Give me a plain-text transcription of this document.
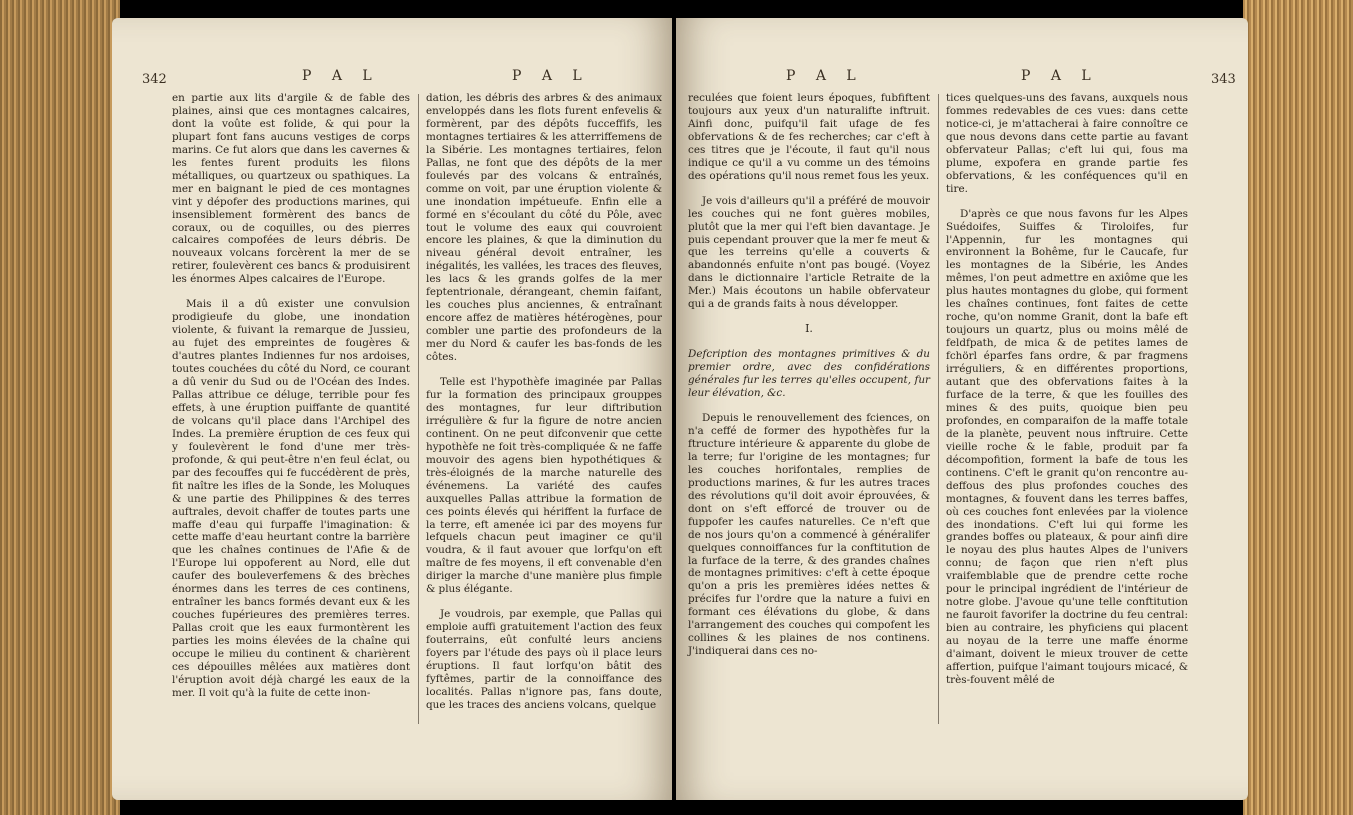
342	P A L	P A L

en partie aux lits d'argile & de fable des plaines, ainsi que ces montagnes calcaires, dont la voûte est folide, & qui pour la plupart font fans aucuns vestiges de corps marins. Ce fut alors que dans les cavernes & les fentes furent produits les filons métalliques, ou quartzeux ou spathiques. La mer en baignant le pied de ces montagnes vint y dépofer des productions marines, qui insensiblement formèrent des bancs de coraux, ou de coquilles, ou des pierres calcaires compofées de leurs débris. De nouveaux volcans forcèrent la mer de se retirer, foulevèrent ces bancs & produisirent les énormes Alpes calcaires de l'Europe.

Mais il a dû exister une convulsion prodigieufe du globe, une inondation violente, & fuivant la remarque de Jussieu, au fujet des empreintes de fougères & d'autres plantes Indiennes fur nos ardoises, toutes couchées du côté du Nord, ce courant a dû venir du Sud ou de l'Océan des Indes. Pallas attribue ce déluge, terrible pour fes effets, à une éruption puiffante de quantité de volcans qu'il place dans l'Archipel des Indes. La première éruption de ces feux qui y foulevèrent le fond d'une mer très-profonde, & qui peut-être n'en feul éclat, ou par des fecouffes qui fe fuccédèrent de près, fit naître les ifles de la Sonde, les Moluques & une partie des Philippines & des terres auftrales, devoit chaffer de toutes parts une maffe d'eau qui furpaffe l'imagination: & cette maffe d'eau heurtant contre la barrière que les chaînes continues de l'Afie & de l'Europe lui oppoferent au Nord, elle dut caufer des bouleverfemens & des brèches énormes dans les terres de ces continens, entraîner les bancs formés devant eux & les couches fupérieures des premières terres. Pallas croit que les eaux furmontèrent les parties les moins élevées de la chaîne qui occupe le milieu du continent & charièrent ces dépouilles mêlées aux matières dont l'éruption avoit déjà chargé les eaux de la mer. Il voit qu'à la fuite de cette inon-

dation, les débris des arbres & des animaux enveloppés dans les flots furent enfevelis & formèrent, par des dépôts fucceffifs, les montagnes tertiaires & les atterriffemens de la Sibérie. Les montagnes tertiaires, felon Pallas, ne font que des dépôts de la mer foulevés par des volcans & entraînés, comme on voit, par une éruption violente & une inondation impétueufe. Enfin elle a formé en s'écoulant du côté du Pôle, avec tout le volume des eaux qui couvroient encore les plaines, & que la diminution du niveau général devoit entraîner, les inégalités, les vallées, les traces des fleuves, les lacs & les grands golfes de la mer feptentrionale, dérangeant, chemin faifant, les couches plus anciennes, & entraînant encore affez de matières hétérogènes, pour combler une partie des profondeurs de la mer du Nord & caufer les bas-fonds de les côtes.

Telle est l'hypothèfe imaginée par Pallas fur la formation des principaux grouppes des montagnes, fur leur diftribution irrégulière & fur la figure de notre ancien continent. On ne peut difconvenir que cette hypothèfe ne foit très-compliquée & ne faffe mouvoir des agens bien hypothétiques & très-éloignés de la marche naturelle des événemens. La variété des caufes auxquelles Pallas attribue la formation de ces points élevés qui hériffent la furface de la terre, eft amenée ici par des moyens fur lefquels chacun peut imaginer ce qu'il voudra, & il faut avouer que lorfqu'on eft maître de fes moyens, il eft convenable d'en diriger la marche d'une manière plus fimple & plus élégante.

Je voudrois, par exemple, que Pallas qui emploie auffi gratuitement l'action des feux fouterrains, eût confulté leurs anciens foyers par l'étude des pays où il place leurs éruptions. Il faut lorfqu'on bâtit des fyftêmes, partir de la connoiffance des localités. Pallas n'ignore pas, fans doute, que les traces des anciens volcans, quelque

P A L	P A L	343

reculées que foient leurs époques, fubfiftent toujours aux yeux d'un naturalifte inftruit. Ainfi donc, puifqu'il fait ufage de fes obfervations & de fes recherches; car c'eft à ces titres que je l'écoute, il faut qu'il nous indique ce qu'il a vu comme un des témoins des opérations qu'il nous remet fous les yeux.

Je vois d'ailleurs qu'il a préféré de mouvoir les couches qui ne font guères mobiles, plutôt que la mer qui l'eft bien davantage. Je puis cependant prouver que la mer fe meut & que les terreins qu'elle a couverts & abandonnés enfuite n'ont pas bougé. (Voyez dans le dictionnaire l'article Retraite de la Mer.) Mais écoutons un habile obfervateur qui a de grands faits à nous développer.

I.

Defcription des montagnes primitives & du premier ordre, avec des confidérations générales fur les terres qu'elles occupent, fur leur élévation, &c.

Depuis le renouvellement des fciences, on n'a ceffé de former des hypothèfes fur la ftructure intérieure & apparente du globe de la terre; fur l'origine de les montagnes; fur les couches horifontales, remplies de productions marines, & fur les autres traces des révolutions qu'il doit avoir éprouvées, & dont on s'eft efforcé de trouver ou de fuppofer les caufes naturelles. Ce n'eft que de nos jours qu'on a commencé à généralifer quelques connoiffances fur la conftitution de la furface de la terre, & des grandes chaînes de montagnes primitives: c'eft à cette époque qu'on a pris les premières idées nettes & précifes fur l'ordre que la nature a fuivi en formant ces élévations du globe, & dans l'arrangement des couches qui compofent les collines & les plaines de nos continens. J'indiquerai dans ces no-

tices quelques-uns des favans, auxquels nous fommes redevables de ces vues: dans cette notice-ci, je m'attacherai à faire connoître ce que nous devons dans cette partie au favant obfervateur Pallas; c'eft lui qui, fous ma plume, expofera en grande partie fes obfervations, & les conféquences qu'il en tire.

D'après ce que nous favons fur les Alpes Suédoifes, Suiffes & Tiroloifes, fur l'Appennin, fur les montagnes qui environnent la Bohême, fur le Caucafe, fur les montagnes de la Sibérie, les Andes mêmes, l'on peut admettre en axiôme que les plus hautes montagnes du globe, qui forment les chaînes continues, font faites de cette roche, qu'on nomme Granit, dont la bafe eft toujours un quartz, plus ou moins mêlé de feldfpath, de mica & de petites lames de fchörl éparfes fans ordre, & par fragmens irréguliers, & en différentes proportions, autant que des obfervations faites à la furface de la terre, & que les fouilles des mines & des puits, quoique bien peu profondes, en comparaifon de la maffe totale de la planète, peuvent nous inftruire. Cette vieille roche & le fable, produit par fa décompofition, forment la bafe de tous les continens. C'eft le granit qu'on rencontre au-deffous des plus profondes couches des montagnes, & fouvent dans les terres baffes, où ces couches font enlevées par la violence des inondations. C'eft lui qui forme les grandes boffes ou plateaux, & pour ainfi dire le noyau des plus hautes Alpes de l'univers connu; de façon que rien n'eft plus vraifemblable que de prendre cette roche pour le principal ingrédient de l'intérieur de notre globe. J'avoue qu'une telle conftitution ne fauroit favorifer la doctrine du feu central: bien au contraire, les phyficiens qui placent au noyau de la terre une maffe énorme d'aimant, doivent le mieux trouver de cette affertion, puifque l'aimant toujours micacé, & très-fouvent mêlé de
